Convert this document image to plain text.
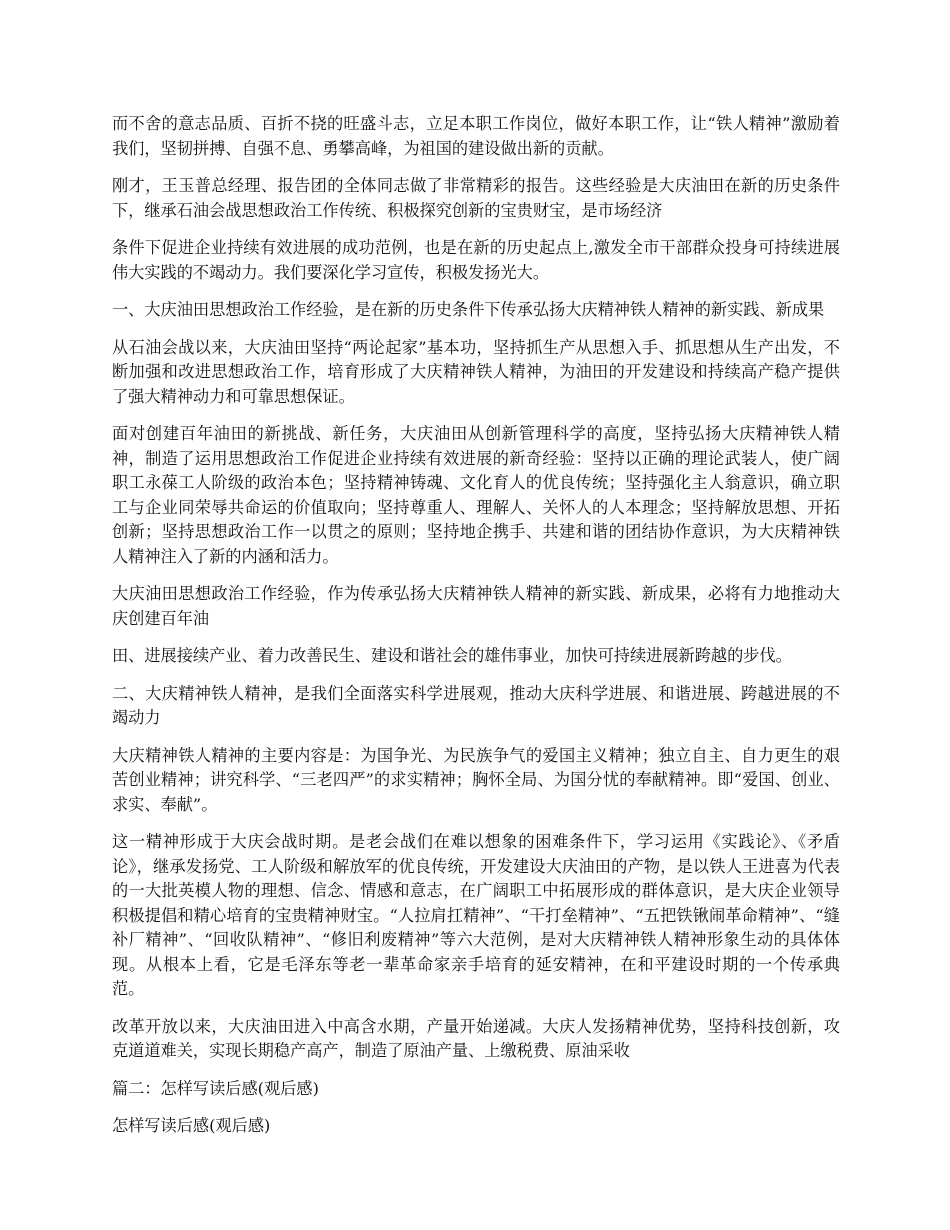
而不舍的意志品质、百折不挠的旺盛斗志，立足本职工作岗位，做好本职工作，让“铁人精神”激励着我们，坚韧拼搏、自强不息、勇攀高峰，为祖国的建设做出新的贡献。

刚才，王玉普总经理、报告团的全体同志做了非常精彩的报告。这些经验是大庆油田在新的历史条件下，继承石油会战思想政治工作传统、积极探究创新的宝贵财宝，是市场经济

条件下促进企业持续有效进展的成功范例，也是在新的历史起点上,激发全市干部群众投身可持续进展伟大实践的不竭动力。我们要深化学习宣传，积极发扬光大。

一、大庆油田思想政治工作经验，是在新的历史条件下传承弘扬大庆精神铁人精神的新实践、新成果

从石油会战以来，大庆油田坚持“两论起家”基本功，坚持抓生产从思想入手、抓思想从生产出发，不断加强和改进思想政治工作，培育形成了大庆精神铁人精神，为油田的开发建设和持续高产稳产提供了强大精神动力和可靠思想保证。

面对创建百年油田的新挑战、新任务，大庆油田从创新管理科学的高度，坚持弘扬大庆精神铁人精神，制造了运用思想政治工作促进企业持续有效进展的新奇经验：坚持以正确的理论武装人，使广阔职工永葆工人阶级的政治本色；坚持精神铸魂、文化育人的优良传统；坚持强化主人翁意识，确立职工与企业同荣辱共命运的价值取向；坚持尊重人、理解人、关怀人的人本理念；坚持解放思想、开拓创新；坚持思想政治工作一以贯之的原则；坚持地企携手、共建和谐的团结协作意识，为大庆精神铁人精神注入了新的内涵和活力。

大庆油田思想政治工作经验，作为传承弘扬大庆精神铁人精神的新实践、新成果，必将有力地推动大庆创建百年油

田、进展接续产业、着力改善民生、建设和谐社会的雄伟事业，加快可持续进展新跨越的步伐。

二、大庆精神铁人精神，是我们全面落实科学进展观，推动大庆科学进展、和谐进展、跨越进展的不竭动力

大庆精神铁人精神的主要内容是：为国争光、为民族争气的爱国主义精神；独立自主、自力更生的艰苦创业精神；讲究科学、“三老四严”的求实精神；胸怀全局、为国分忧的奉献精神。即“爱国、创业、求实、奉献”。

这一精神形成于大庆会战时期。是老会战们在难以想象的困难条件下，学习运用《实践论》、《矛盾论》，继承发扬党、工人阶级和解放军的优良传统，开发建设大庆油田的产物，是以铁人王进喜为代表的一大批英模人物的理想、信念、情感和意志，在广阔职工中拓展形成的群体意识，是大庆企业领导积极提倡和精心培育的宝贵精神财宝。“人拉肩扛精神”、“干打垒精神”、“五把铁锹闹革命精神”、“缝补厂精神”、“回收队精神”、“修旧利废精神”等六大范例，是对大庆精神铁人精神形象生动的具体体现。从根本上看，它是毛泽东等老一辈革命家亲手培育的延安精神，在和平建设时期的一个传承典范。

改革开放以来，大庆油田进入中高含水期，产量开始递减。大庆人发扬精神优势，坚持科技创新，攻克道道难关，实现长期稳产高产，制造了原油产量、上缴税费、原油采收

篇二：怎样写读后感(观后感)

怎样写读后感(观后感)
